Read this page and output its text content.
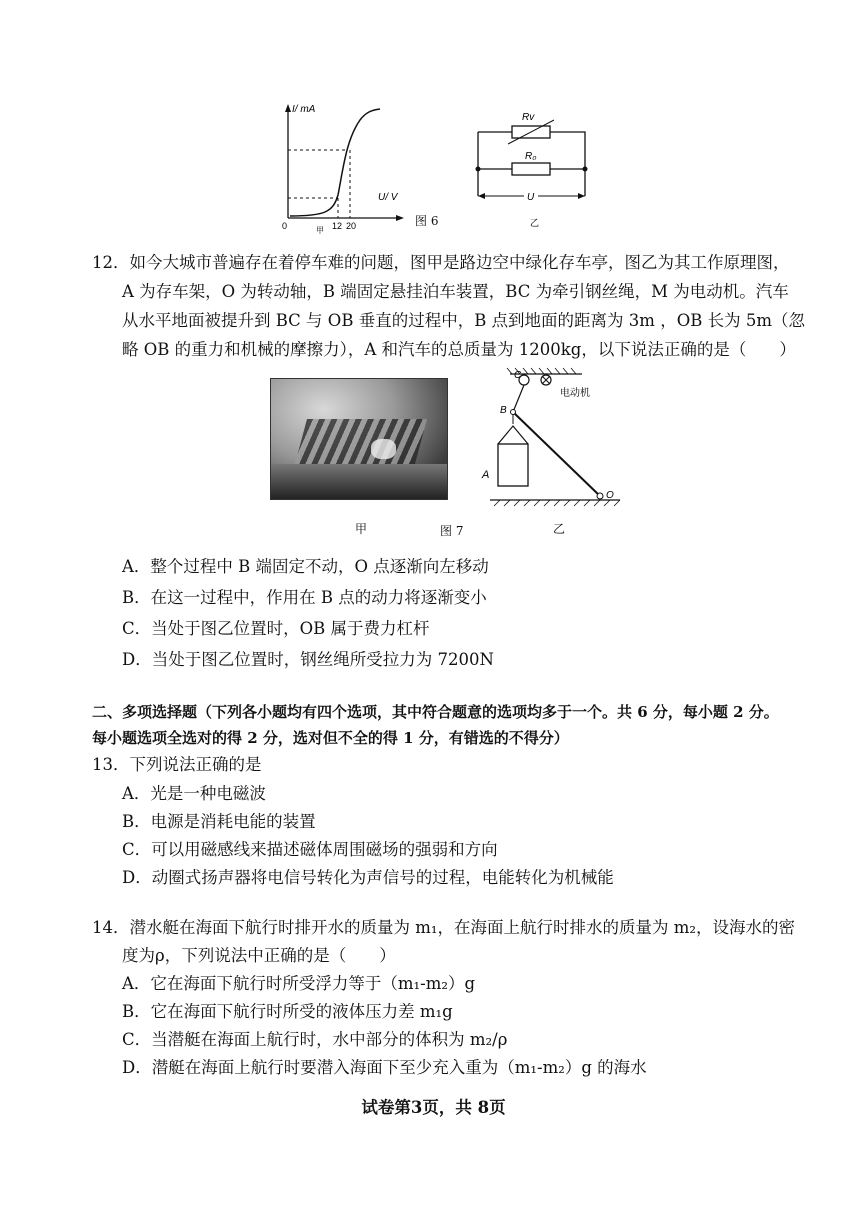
I/ mA
U/ V
0	12 20
甲
图 6
Rv
R₀
U
乙
12．如今大城市普遍存在着停车难的问题，图甲是路边空中绿化存车亭，图乙为其工作原理图，
A 为存车架，O 为转动轴，B 端固定悬挂泊车装置，BC 为牵引钢丝绳，M 为电动机。汽车
从水平地面被提升到 BC 与 OB 垂直的过程中，B 点到地面的距离为 3m ，OB 长为 5m（忽
略 OB 的重力和机械的摩擦力），A 和汽车的总质量为 1200kg，以下说法正确的是（　　）
甲	图 7
C
电动机
B
A
O
乙
A．整个过程中 B 端固定不动，O 点逐渐向左移动
B．在这一过程中，作用在 B 点的动力将逐渐变小
C．当处于图乙位置时，OB 属于费力杠杆
D．当处于图乙位置时，钢丝绳所受拉力为 7200N
二、多项选择题（下列各小题均有四个选项，其中符合题意的选项均多于一个。共 6 分，每小题 2 分。
每小题选项全选对的得 2 分，选对但不全的得 1 分，有错选的不得分）
13．下列说法正确的是
A．光是一种电磁波
B．电源是消耗电能的装置
C．可以用磁感线来描述磁体周围磁场的强弱和方向
D．动圈式扬声器将电信号转化为声信号的过程，电能转化为机械能
14．潜水艇在海面下航行时排开水的质量为 m₁，在海面上航行时排水的质量为 m₂，设海水的密
度为ρ，下列说法中正确的是（　　）
A．它在海面下航行时所受浮力等于（m₁-m₂）g
B．它在海面下航行时所受的液体压力差 m₁g
C．当潜艇在海面上航行时，水中部分的体积为 m₂/ρ
D．潜艇在海面上航行时要潜入海面下至少充入重为（m₁-m₂）g 的海水
试卷第3页，共 8页
